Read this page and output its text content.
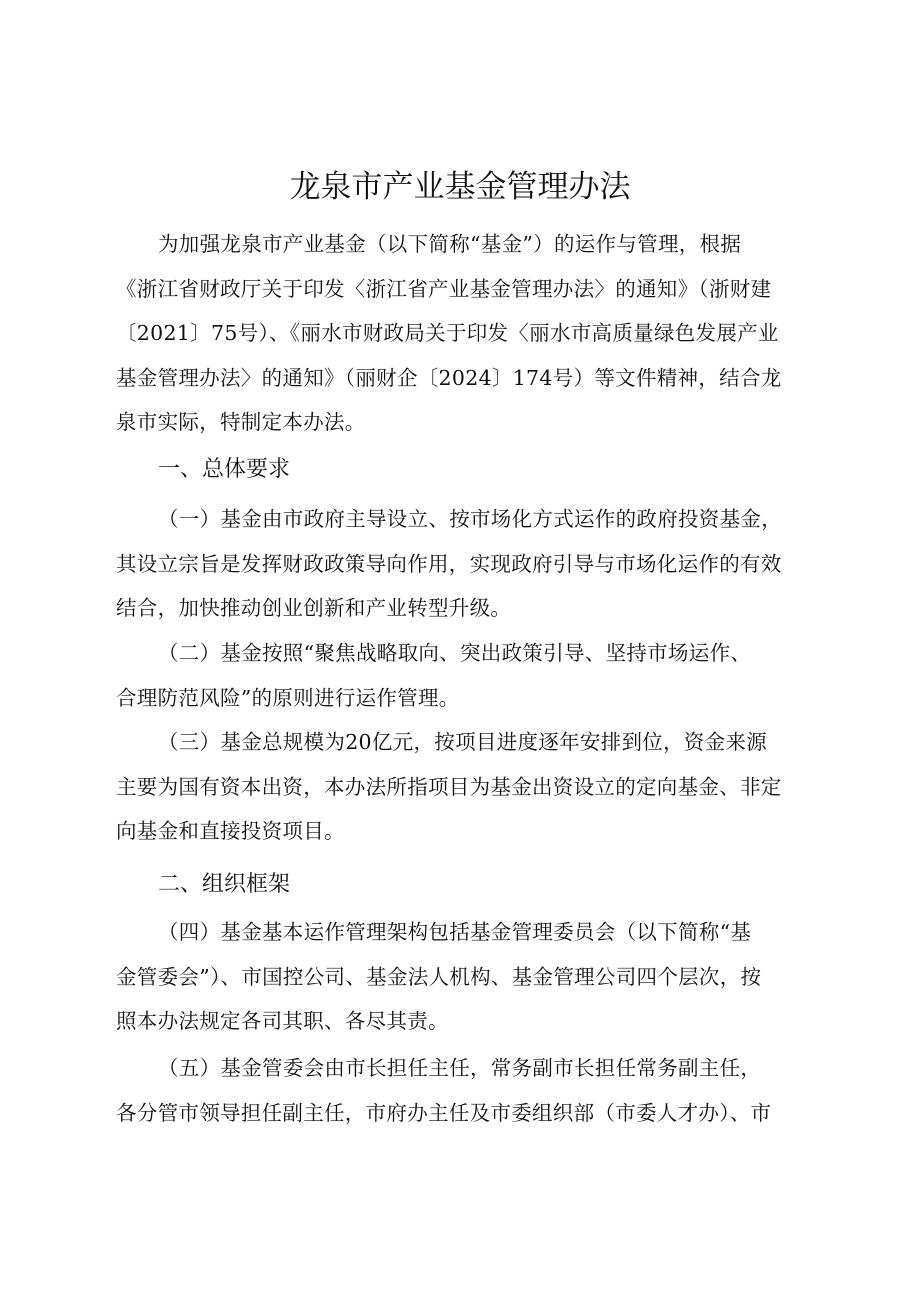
龙泉市产业基金管理办法
为加强龙泉市产业基金（以下简称“基金”）的运作与管理，根据
《浙江省财政厅关于印发〈浙江省产业基金管理办法〉的通知》（浙财建
〔2021〕75号）、《丽水市财政局关于印发〈丽水市高质量绿色发展产业
基金管理办法〉的通知》（丽财企〔2024〕174号）等文件精神，结合龙
泉市实际，特制定本办法。
一、总体要求
（一）基金由市政府主导设立、按市场化方式运作的政府投资基金，
其设立宗旨是发挥财政政策导向作用，实现政府引导与市场化运作的有效
结合，加快推动创业创新和产业转型升级。
（二）基金按照“聚焦战略取向、突出政策引导、坚持市场运作、
合理防范风险”的原则进行运作管理。
（三）基金总规模为20亿元，按项目进度逐年安排到位，资金来源
主要为国有资本出资，本办法所指项目为基金出资设立的定向基金、非定
向基金和直接投资项目。
二、组织框架
（四）基金基本运作管理架构包括基金管理委员会（以下简称“基
金管委会”）、市国控公司、基金法人机构、基金管理公司四个层次，按
照本办法规定各司其职、各尽其责。
（五）基金管委会由市长担任主任，常务副市长担任常务副主任，
各分管市领导担任副主任，市府办主任及市委组织部（市委人才办）、市
